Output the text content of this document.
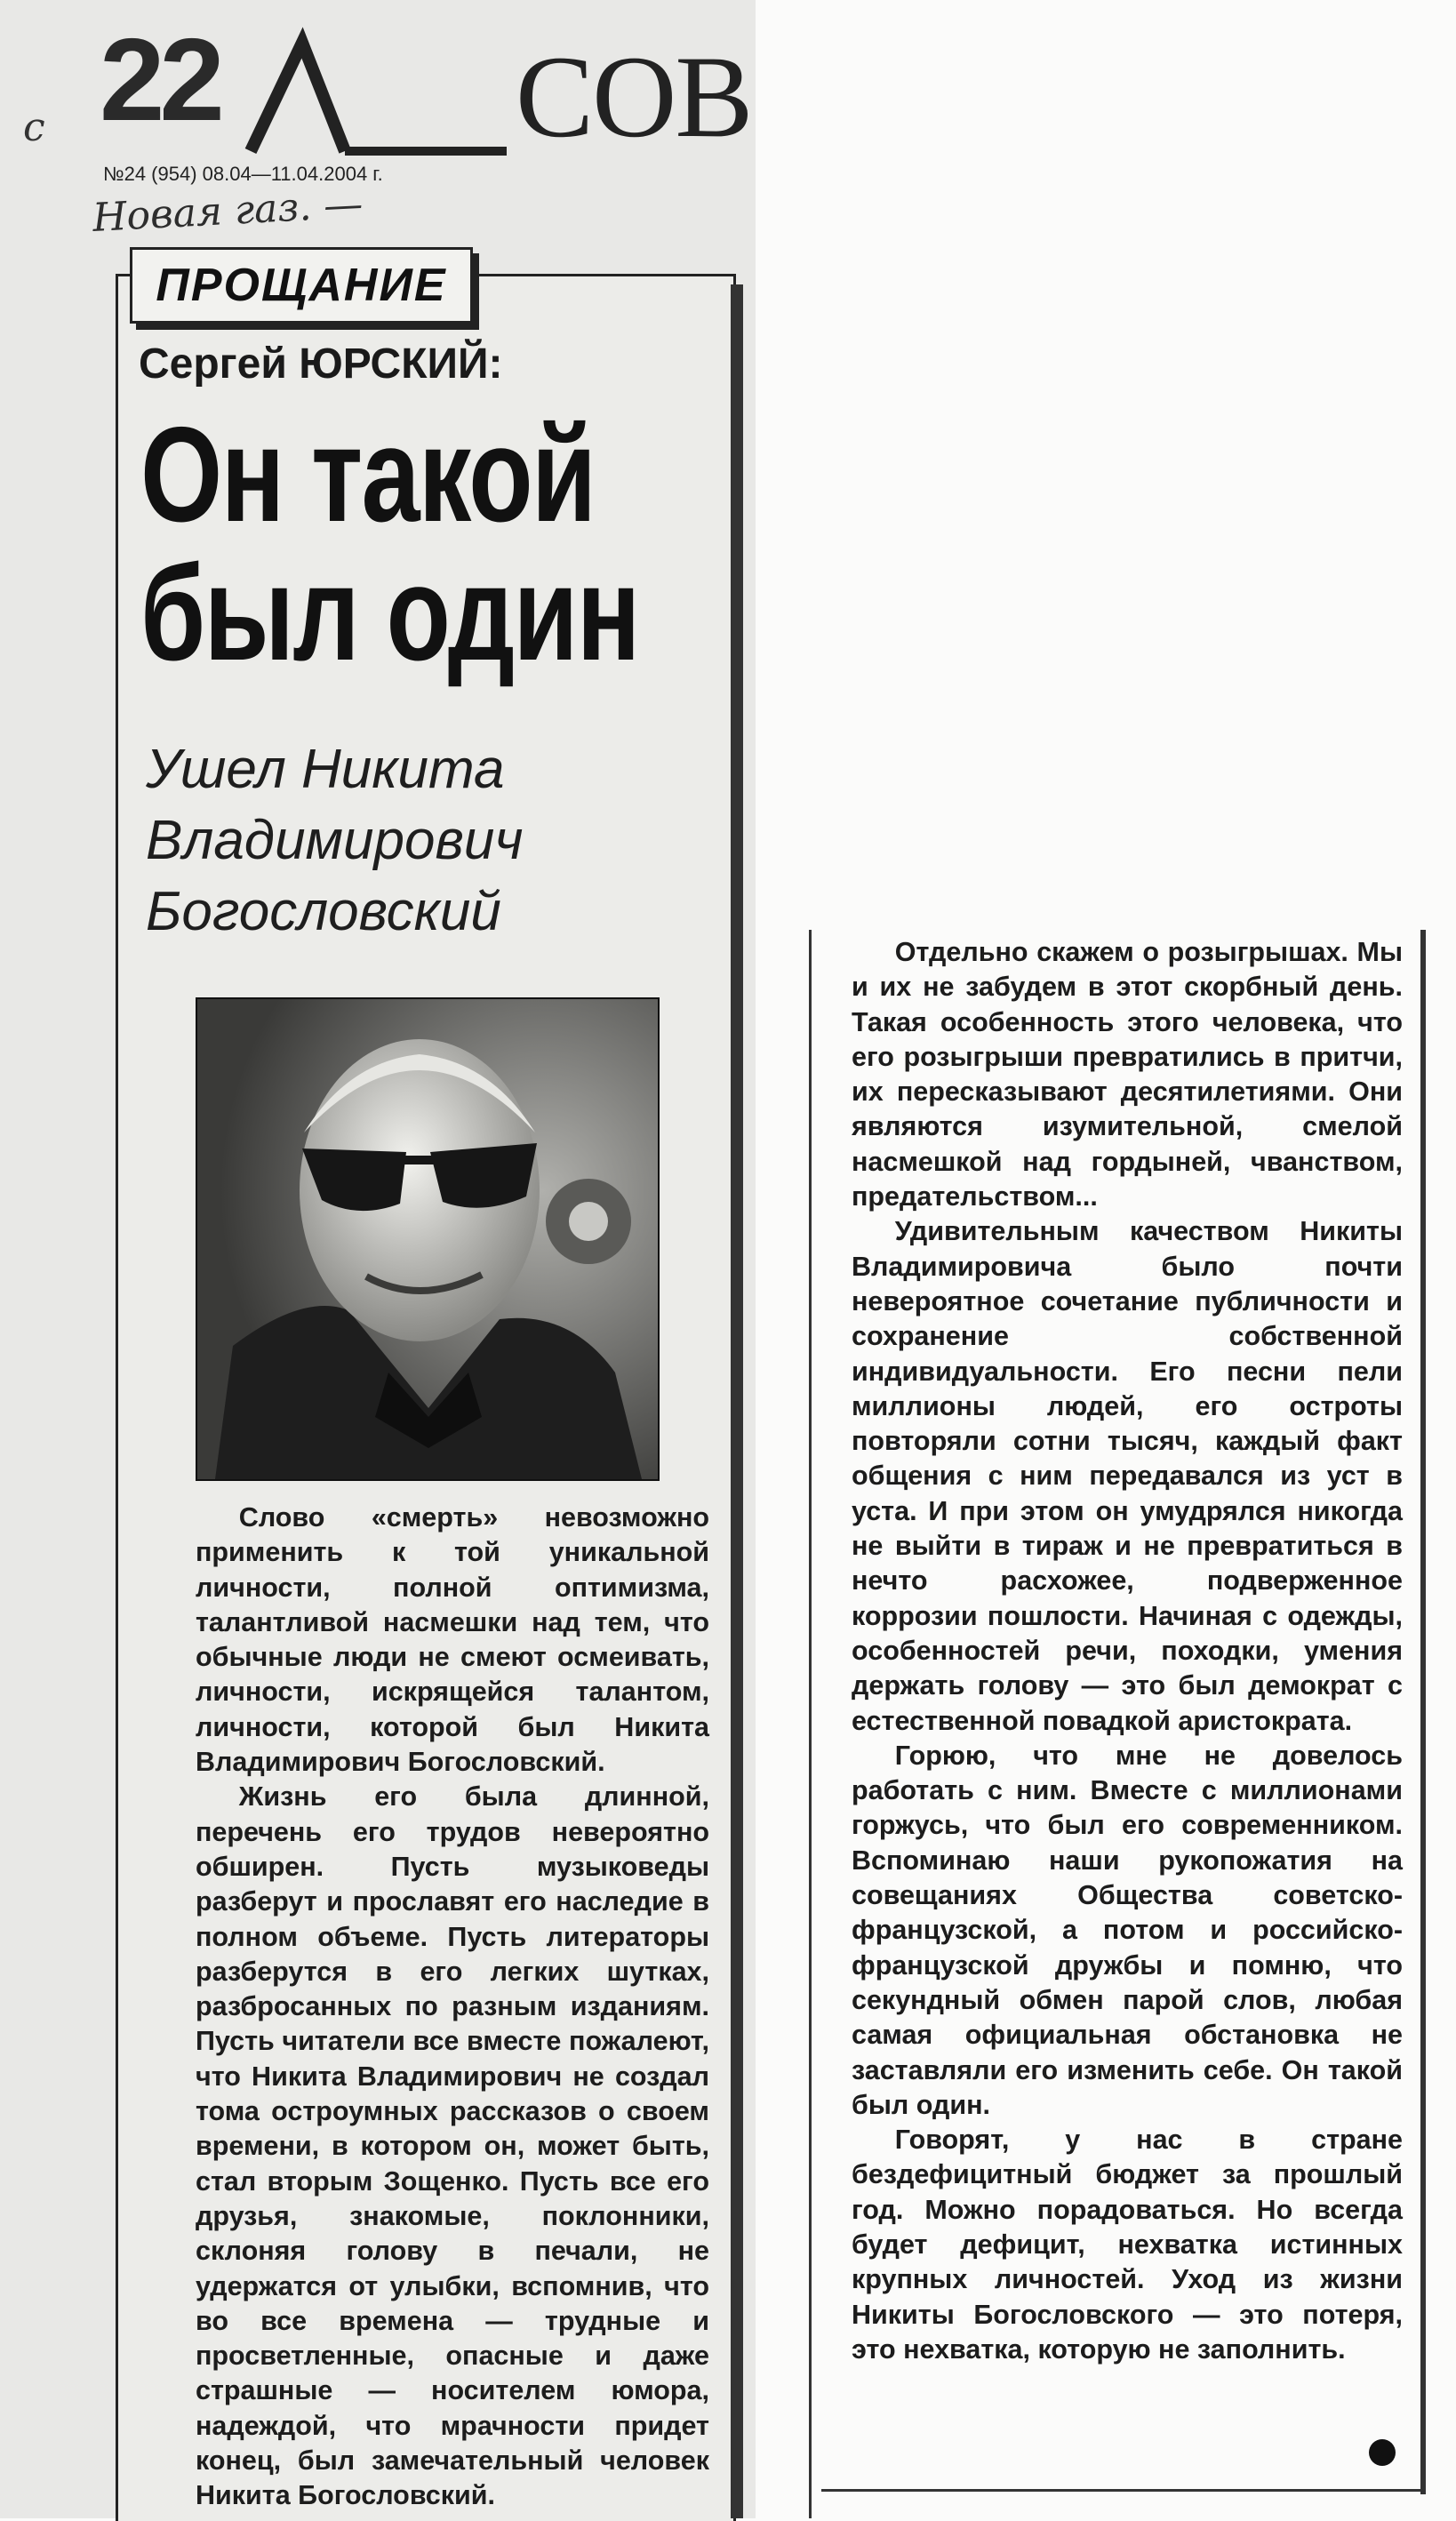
22	СОВ
с
№24 (954) 08.04—11.04.2004 г.
Новая газ. —
ПРОЩАНИЕ
Сергей ЮРСКИЙ:
Он такой
был один
Ушел Никита
Владимирович
Богословский

Слово «смерть» невозможно применить к той уникальной личности, полной оптимизма, талантливой насмешки над тем, что обычные люди не смеют осмеивать, личности, искрящейся талантом, личности, которой был Никита Владимирович Богословский.

Жизнь его была длинной, перечень его трудов невероятно обширен. Пусть музыковеды разберут и прославят его наследие в полном объеме. Пусть литераторы разберутся в его легких шутках, разбросанных по разным изданиям. Пусть читатели все вместе пожалеют, что Никита Владимирович не создал тома остроумных рассказов о своем времени, в котором он, может быть, стал вторым Зощенко. Пусть все его друзья, знакомые, поклонники, склоняя голову в печали, не удержатся от улыбки, вспомнив, что во все времена — трудные и просветленные, опасные и даже страшные — носителем юмора, надеждой, что мрачности придет конец, был замечательный человек Никита Богословский.

Отдельно скажем о розыгрышах. Мы и их не забудем в этот скорбный день. Такая особенность этого человека, что его розыгрыши превратились в притчи, их пересказывают десятилетиями. Они являются изумительной, смелой насмешкой над гордыней, чванством, предательством...

Удивительным качеством Никиты Владимировича было почти невероятное сочетание публичности и сохранение собственной индивидуальности. Его песни пели миллионы людей, его остроты повторяли сотни тысяч, каждый факт общения с ним передавался из уст в уста. И при этом он умудрялся никогда не выйти в тираж и не превратиться в нечто расхожее, подверженное коррозии пошлости. Начиная с одежды, особенностей речи, походки, умения держать голову — это был демократ с естественной повадкой аристократа.

Горюю, что мне не довелось работать с ним. Вместе с миллионами горжусь, что был его современником. Вспоминаю наши рукопожатия на совещаниях Общества советско-французской, а потом и российско-французской дружбы и помню, что секундный обмен парой слов, любая самая официальная обстановка не заставляли его изменить себе. Он такой был один.

Говорят, у нас в стране бездефицитный бюджет за прошлый год. Можно порадоваться. Но всегда будет дефицит, нехватка истинных крупных личностей. Уход из жизни Никиты Богословского — это потеря, это нехватка, которую не заполнить.
